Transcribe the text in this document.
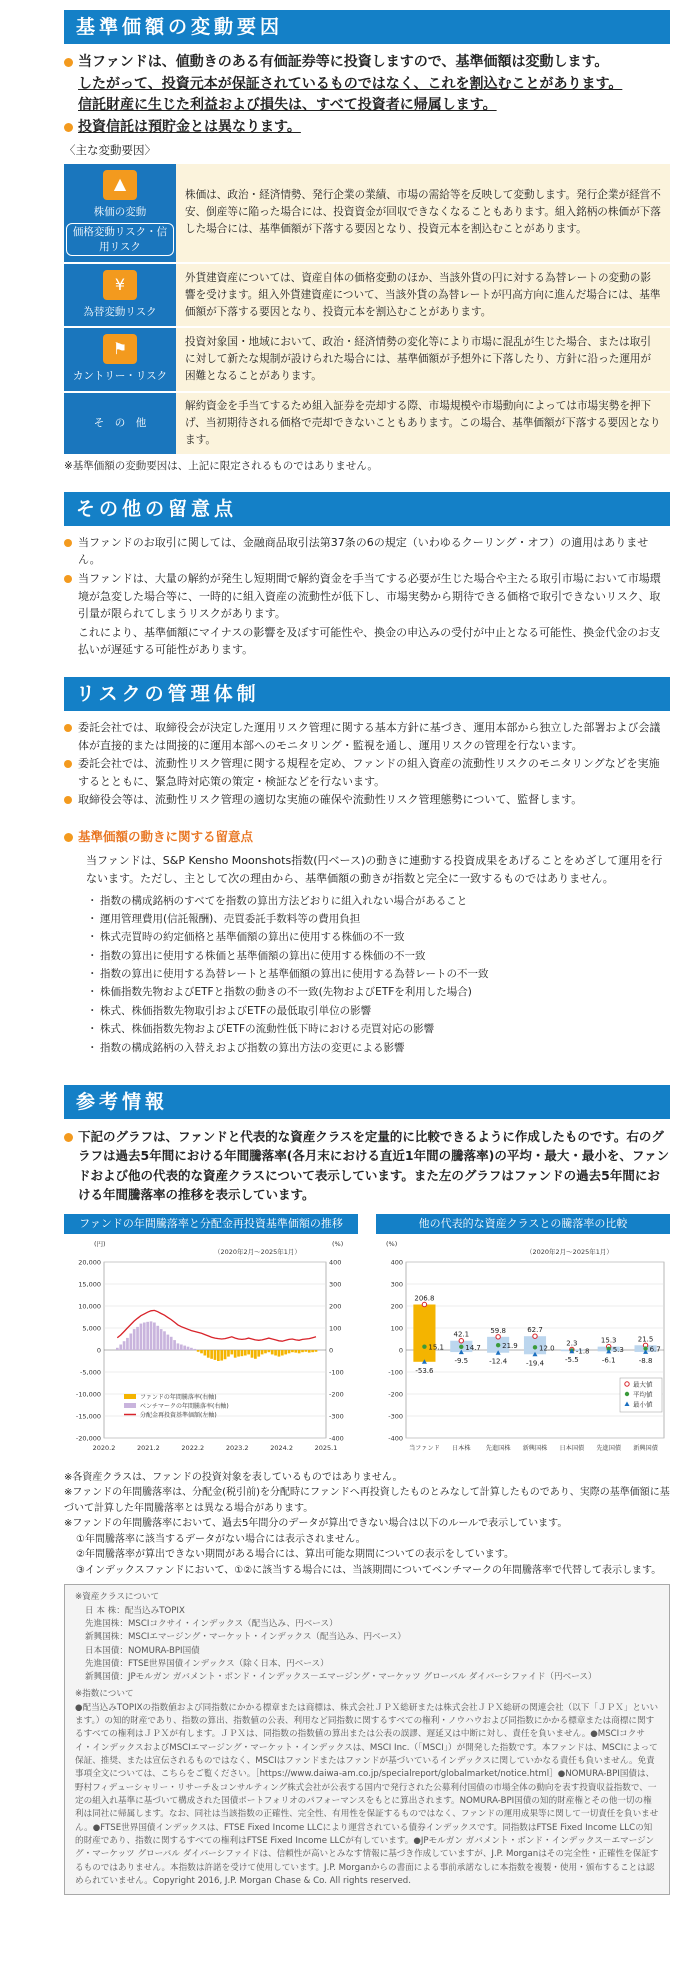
基準価額の変動要因
当ファンドは、値動きのある有価証券等に投資しますので、基準価額は変動します。
したがって、投資元本が保証されているものではなく、これを割込むことがあります。
信託財産に生じた利益および損失は、すべて投資者に帰属します。
投資信託は預貯金とは異なります。
〈主な変動要因〉
▲
株価の変動
価格変動リスク・信用リスク	株価は、政治・経済情勢、発行企業の業績、市場の需給等を反映して変動します。発行企業が経営不安、倒産等に陥った場合には、投資資金が回収できなくなることもあります。組入銘柄の株価が下落した場合には、基準価額が下落する要因となり、投資元本を割込むことがあります。

¥
為替変動リスク	外貨建資産については、資産自体の価格変動のほか、当該外貨の円に対する為替レートの変動の影響を受けます。組入外貨建資産について、当該外貨の為替レートが円高方向に進んだ場合には、基準価額が下落する要因となり、投資元本を割込むことがあります。

⚑
カントリー・リスク	投資対象国・地域において、政治・経済情勢の変化等により市場に混乱が生じた場合、または取引に対して新たな規制が設けられた場合には、基準価額が予想外に下落したり、方針に沿った運用が困難となることがあります。

そ　の　他	解約資金を手当てするため組入証券を売却する際、市場規模や市場動向によっては市場実勢を押下げ、当初期待される価格で売却できないこともあります。この場合、基準価額が下落する要因となります。
※基準価額の変動要因は、上記に限定されるものではありません。
その他の留意点

当ファンドのお取引に関しては、金融商品取引法第37条の6の規定（いわゆるクーリング・オフ）の適用はありません。

当ファンドは、大量の解約が発生し短期間で解約資金を手当てする必要が生じた場合や主たる取引市場において市場環境が急変した場合等に、一時的に組入資産の流動性が低下し、市場実勢から期待できる価格で取引できないリスク、取引量が限られてしまうリスクがあります。

これにより、基準価額にマイナスの影響を及ぼす可能性や、換金の申込みの受付が中止となる可能性、換金代金のお支払いが遅延する可能性があります。

リスクの管理体制

委託会社では、取締役会が決定した運用リスク管理に関する基本方針に基づき、運用本部から独立した部署および会議体が直接的または間接的に運用本部へのモニタリング・監視を通し、運用リスクの管理を行ないます。

委託会社では、流動性リスク管理に関する規程を定め、ファンドの組入資産の流動性リスクのモニタリングなどを実施するとともに、緊急時対応策の策定・検証などを行ないます。

取締役会等は、流動性リスク管理の適切な実施の確保や流動性リスク管理態勢について、監督します。

基準価額の動きに関する留意点
当ファンドは、S&P Kensho Moonshots指数(円ベース)の動きに連動する投資成果をあげることをめざして運用を行ないます。ただし、主として次の理由から、基準価額の動きが指数と完全に一致するものではありません。
・ 指数の構成銘柄のすべてを指数の算出方法どおりに組入れない場合があること
・ 運用管理費用(信託報酬)、売買委託手数料等の費用負担
・ 株式売買時の約定価格と基準価額の算出に使用する株価の不一致
・ 指数の算出に使用する株価と基準価額の算出に使用する株価の不一致
・ 指数の算出に使用する為替レートと基準価額の算出に使用する為替レートの不一致
・ 株価指数先物およびETFと指数の動きの不一致(先物およびETFを利用した場合)
・ 株式、株価指数先物取引およびETFの最低取引単位の影響
・ 株式、株価指数先物およびETFの流動性低下時における売買対応の影響
・ 指数の構成銘柄の入替えおよび指数の算出方法の変更による影響
参考情報
下記のグラフは、ファンドと代表的な資産クラスを定量的に比較できるように作成したものです。右のグラフは過去5年間における年間騰落率(各月末における直近1年間の騰落率)の平均・最大・最小を、ファンドおよび他の代表的な資産クラスについて表示しています。また左のグラフはファンドの過去5年間における年間騰落率の推移を表示しています。
ファンドの年間騰落率と分配金再投資基準価額の推移
(円)	(%)
（2020年2月～2025年1月）
20,000
15,000
10,000
5,000
0
-5,000
-10,000
-15,000
-20,000
400
300
200
100
0
-100
-200
-300
-400
2020.2	2021.2	2022.2	2023.2	2024.2	2025.1
ファンドの年間騰落率(右軸)
ベンチマークの年間騰落率(右軸)
分配金再投資基準価額(左軸)
他の代表的な資産クラスとの騰落率の比較
(%)
（2020年2月～2025年1月）
400
300
200
100
0
-100
-200
-300
-400
206.8
15.1
-53.6
当ファンド
42.1
14.7
-9.5
日本株
59.8
21.9
-12.4
先進国株
62.7
12.0
-19.4
新興国株
2.3
-1.8
-5.5
日本国債
15.3
5.3
-6.1
先進国債
21.5
6.7
-8.8
新興国債
最大値
平均値
最小値
※各資産クラスは、ファンドの投資対象を表しているものではありません。
※ファンドの年間騰落率は、分配金(税引前)を分配時にファンドへ再投資したものとみなして計算したものであり、実際の基準価額に基づいて計算した年間騰落率とは異なる場合があります。
※ファンドの年間騰落率において、過去5年間分のデータが算出できない場合は以下のルールで表示しています。
①年間騰落率に該当するデータがない場合には表示されません。
②年間騰落率が算出できない期間がある場合には、算出可能な期間についての表示をしています。
③インデックスファンドにおいて、①②に該当する場合には、当該期間についてベンチマークの年間騰落率で代替して表示します。
※資産クラスについて
日 本 株：配当込みTOPIX
先進国株：MSCIコクサイ・インデックス（配当込み、円ベース）
新興国株：MSCIエマージング・マーケット・インデックス（配当込み、円ベース）
日本国債：NOMURA-BPI国債
先進国債：FTSE世界国債インデックス（除く日本、円ベース）
新興国債：JPモルガン ガバメント・ボンド・インデックス－エマージング・マーケッツ グローバル ダイバーシファイド（円ベース）
※指数について
●配当込みTOPIXの指数値および同指数にかかる標章または商標は、株式会社ＪＰＸ総研または株式会社ＪＰＸ総研の関連会社（以下「ＪＰＸ」といいます。）の知的財産であり、指数の算出、指数値の公表、利用など同指数に関するすべての権利・ノウハウおよび同指数にかかる標章または商標に関するすべての権利はＪＰＸが有します。ＪＰＸは、同指数の指数値の算出または公表の誤謬、遅延又は中断に対し、責任を負いません。●MSCIコクサイ・インデックスおよびMSCIエマージング・マーケット・インデックスは、MSCI Inc.（「MSCI」）が開発した指数です。本ファンドは、MSCIによって保証、推奨、または宣伝されるものではなく、MSCIはファンドまたはファンドが基づいているインデックスに関していかなる責任も負いません。免責事項全文については、こちらをご覧ください。［https://www.daiwa-am.co.jp/specialreport/globalmarket/notice.html］●NOMURA-BPI国債は、野村フィデューシャリー・リサーチ＆コンサルティング株式会社が公表する国内で発行された公募利付国債の市場全体の動向を表す投資収益指数で、一定の組入れ基準に基づいて構成された国債ポートフォリオのパフォーマンスをもとに算出されます。NOMURA-BPI国債の知的財産権とその他一切の権利は同社に帰属します。なお、同社は当該指数の正確性、完全性、有用性を保証するものではなく、ファンドの運用成果等に関して一切責任を負いません。●FTSE世界国債インデックスは、FTSE Fixed Income LLCにより運営されている債券インデックスです。同指数はFTSE Fixed Income LLCの知的財産であり、指数に関するすべての権利はFTSE Fixed Income LLCが有しています。●JPモルガン ガバメント・ボンド・インデックス－エマージング・マーケッツ グローバル ダイバーシファイドは、信頼性が高いとみなす情報に基づき作成していますが、J.P. Morganはその完全性・正確性を保証するものではありません。本指数は許諾を受けて使用しています。J.P. Morganからの書面による事前承諾なしに本指数を複製・使用・頒布することは認められていません。Copyright 2016, J.P. Morgan Chase & Co. All rights reserved.
